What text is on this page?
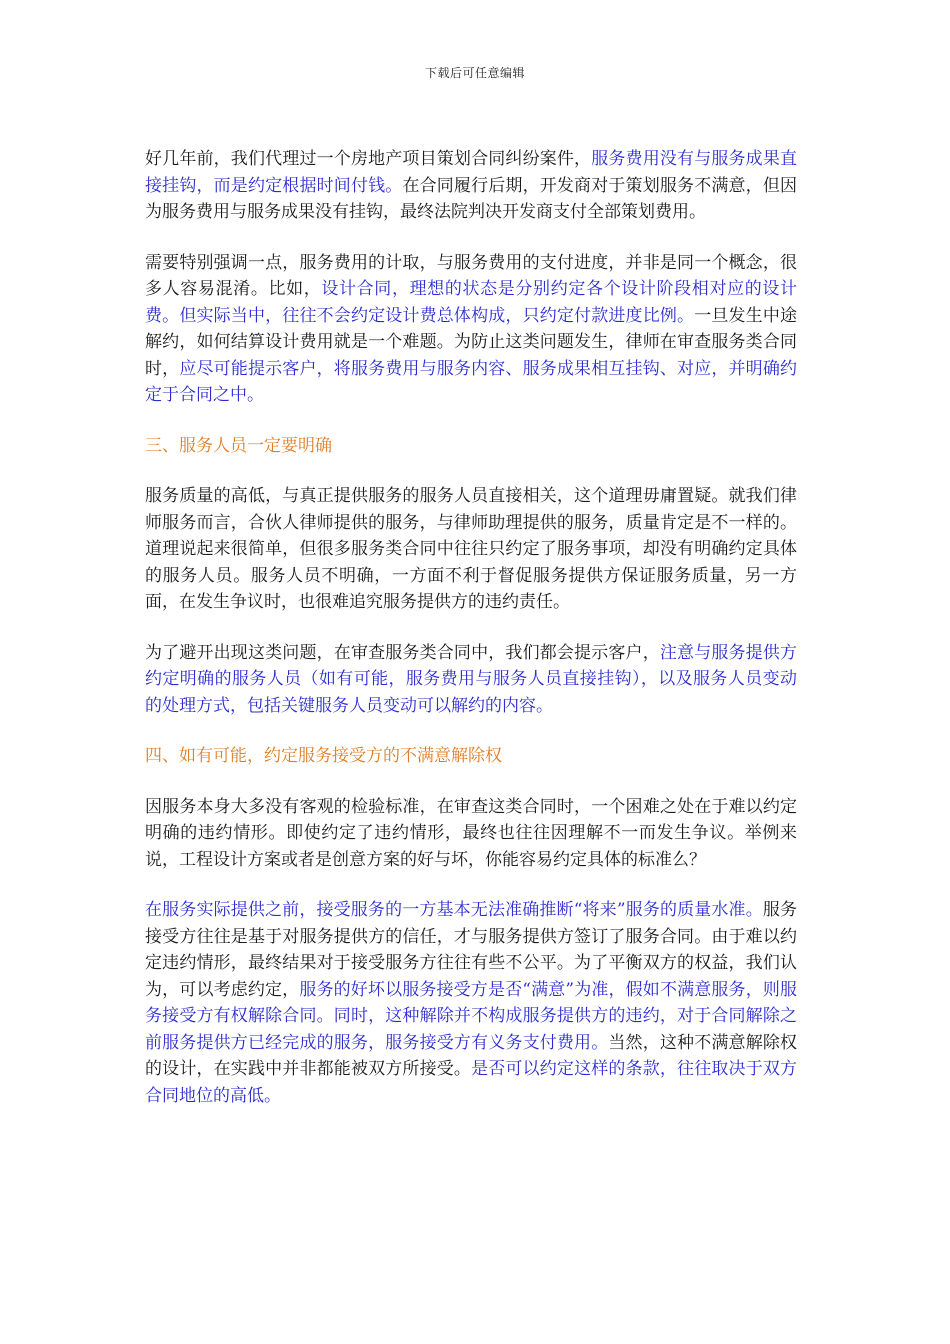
下载后可任意编辑

好几年前，我们代理过一个房地产项目策划合同纠纷案件，服务费用没有与服务成果直接挂钩，而是约定根据时间付钱。在合同履行后期，开发商对于策划服务不满意，但因为服务费用与服务成果没有挂钩，最终法院判决开发商支付全部策划费用。

需要特别强调一点，服务费用的计取，与服务费用的支付进度，并非是同一个概念，很多人容易混淆。比如，设计合同，理想的状态是分别约定各个设计阶段相对应的设计费。但实际当中，往往不会约定设计费总体构成，只约定付款进度比例。一旦发生中途解约，如何结算设计费用就是一个难题。为防止这类问题发生，律师在审查服务类合同时，应尽可能提示客户，将服务费用与服务内容、服务成果相互挂钩、对应，并明确约定于合同之中。

三、服务人员一定要明确

服务质量的高低，与真正提供服务的服务人员直接相关，这个道理毋庸置疑。就我们律师服务而言，合伙人律师提供的服务，与律师助理提供的服务，质量肯定是不一样的。道理说起来很简单，但很多服务类合同中往往只约定了服务事项，却没有明确约定具体的服务人员。服务人员不明确，一方面不利于督促服务提供方保证服务质量，另一方面，在发生争议时，也很难追究服务提供方的违约责任。

为了避开出现这类问题，在审查服务类合同中，我们都会提示客户，注意与服务提供方约定明确的服务人员（如有可能，服务费用与服务人员直接挂钩），以及服务人员变动的处理方式，包括关键服务人员变动可以解约的内容。

四、如有可能，约定服务接受方的不满意解除权

因服务本身大多没有客观的检验标准，在审查这类合同时，一个困难之处在于难以约定明确的违约情形。即使约定了违约情形，最终也往往因理解不一而发生争议。举例来说，工程设计方案或者是创意方案的好与坏，你能容易约定具体的标准么？

在服务实际提供之前，接受服务的一方基本无法准确推断“将来”服务的质量水准。服务接受方往往是基于对服务提供方的信任，才与服务提供方签订了服务合同。由于难以约定违约情形，最终结果对于接受服务方往往有些不公平。为了平衡双方的权益，我们认为，可以考虑约定，服务的好坏以服务接受方是否“满意”为准，假如不满意服务，则服务接受方有权解除合同。同时，这种解除并不构成服务提供方的违约，对于合同解除之前服务提供方已经完成的服务，服务接受方有义务支付费用。当然，这种不满意解除权的设计，在实践中并非都能被双方所接受。是否可以约定这样的条款，往往取决于双方合同地位的高低。
